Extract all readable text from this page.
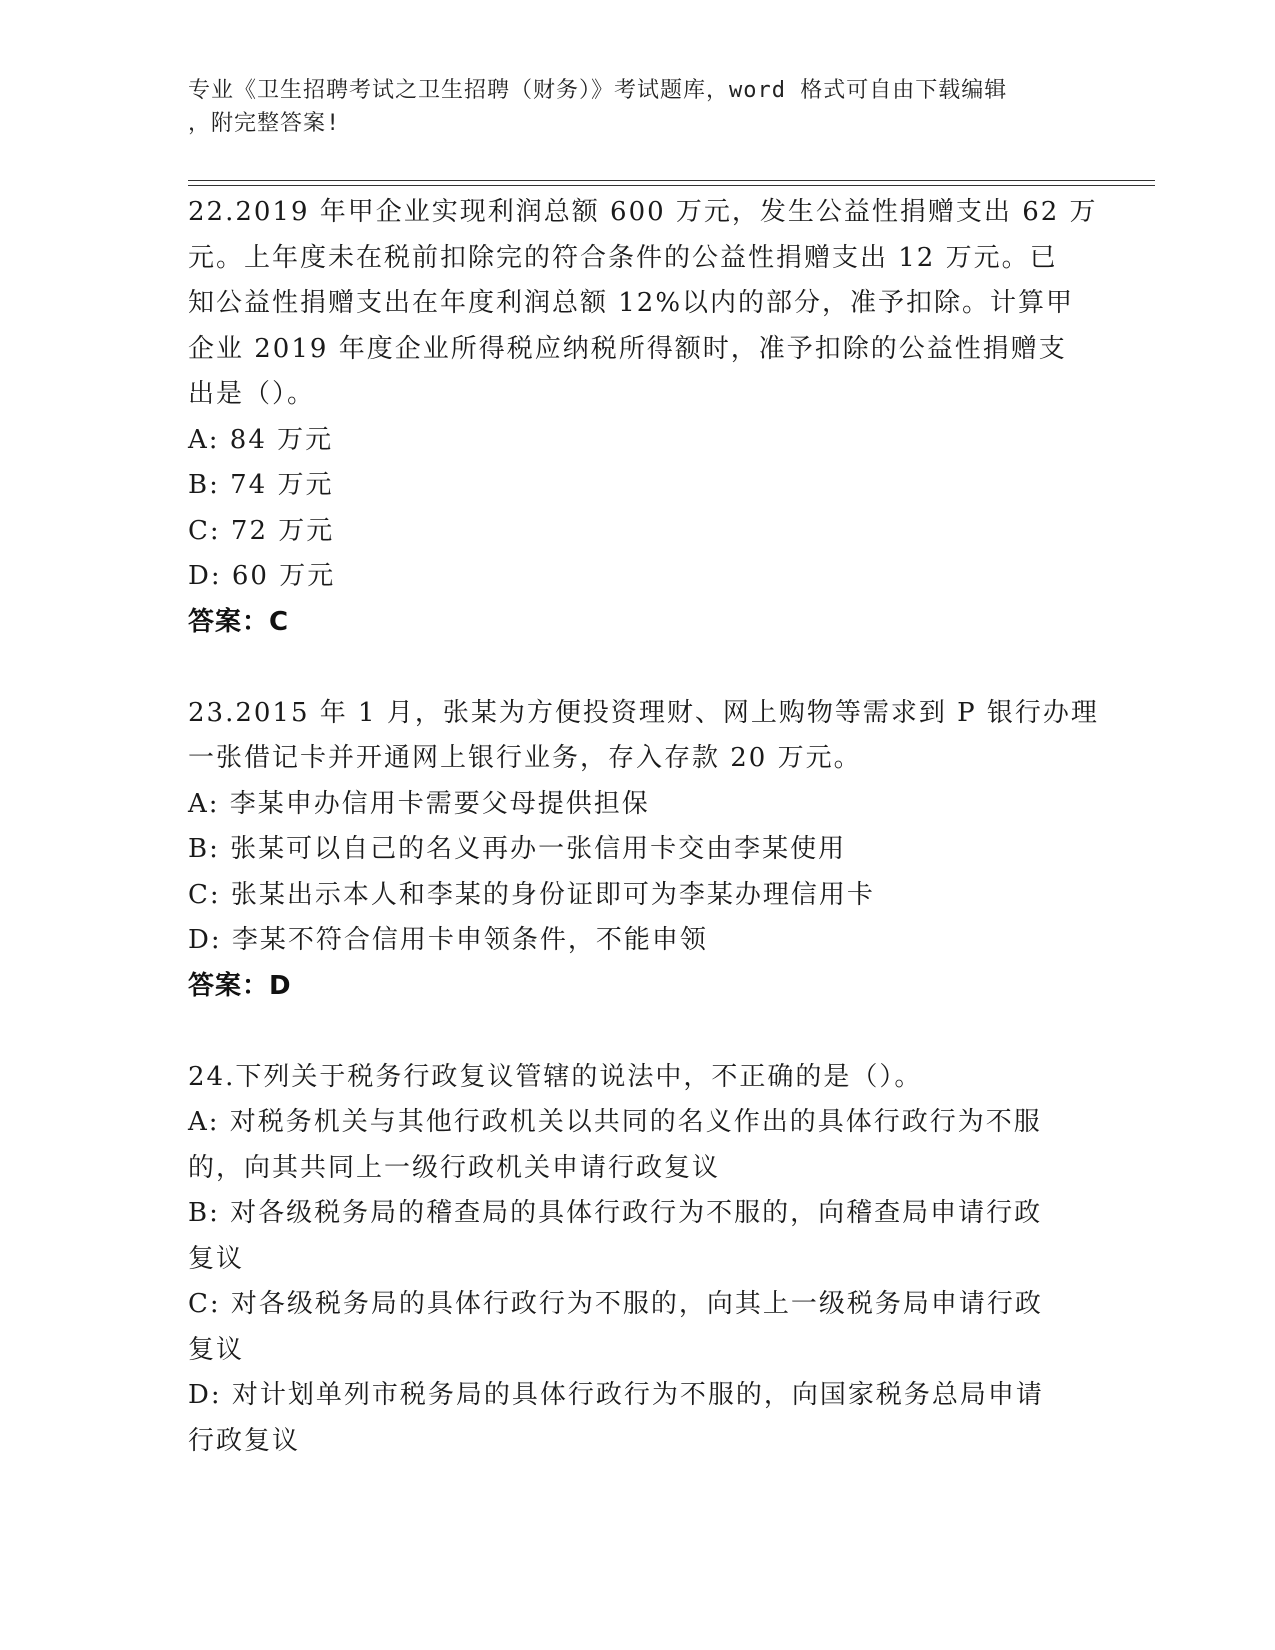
专业《卫生招聘考试之卫生招聘（财务）》考试题库，word 格式可自由下载编辑
，附完整答案!
22.2019 年甲企业实现利润总额 600 万元，发生公益性捐赠支出 62 万
元。上年度未在税前扣除完的符合条件的公益性捐赠支出 12 万元。已
知公益性捐赠支出在年度利润总额 12%以内的部分，准予扣除。计算甲
企业 2019 年度企业所得税应纳税所得额时，准予扣除的公益性捐赠支
出是（）。
A: 84 万元
B: 74 万元
C: 72 万元
D: 60 万元
答案：C
23.2015 年 1 月，张某为方便投资理财、网上购物等需求到 P 银行办理
一张借记卡并开通网上银行业务，存入存款 20 万元。
A: 李某申办信用卡需要父母提供担保
B: 张某可以自己的名义再办一张信用卡交由李某使用
C: 张某出示本人和李某的身份证即可为李某办理信用卡
D: 李某不符合信用卡申领条件，不能申领
答案：D
24.下列关于税务行政复议管辖的说法中，不正确的是（）。
A: 对税务机关与其他行政机关以共同的名义作出的具体行政行为不服
的，向其共同上一级行政机关申请行政复议
B: 对各级税务局的稽查局的具体行政行为不服的，向稽查局申请行政
复议
C: 对各级税务局的具体行政行为不服的，向其上一级税务局申请行政
复议
D: 对计划单列市税务局的具体行政行为不服的，向国家税务总局申请
行政复议
